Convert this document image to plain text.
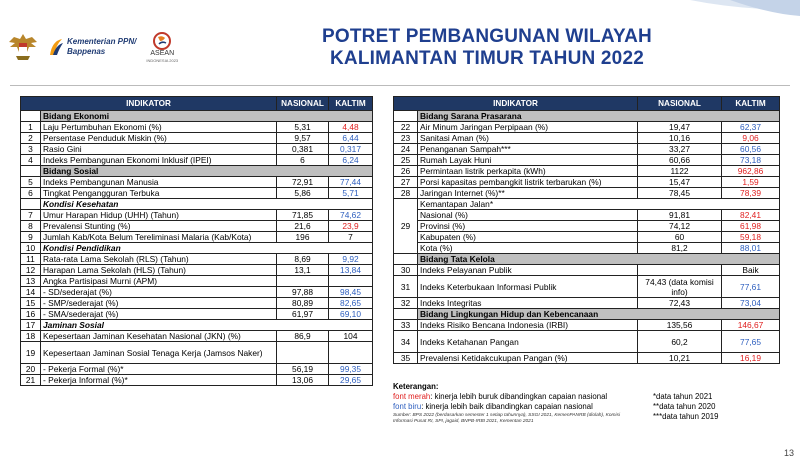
Kementerian PPN/
Bappenas	ASEAN
INDONESIA 2023
POTRET PEMBANGUNAN WILAYAH
KALIMANTAN TIMUR TAHUN 2022
INDIKATOR		NASIONAL	KALTIM
	Bidang Ekonomi		
1	Laju Pertumbuhan Ekonomi (%)	5,31	4,48
2	Persentase Penduduk Miskin (%)	9,57	6,44
3	Rasio Gini	0,381	0,317
4	Indeks Pembangunan Ekonomi Inklusif (IPEI)	6	6,24
	Bidang Sosial		
5	Indeks Pembangunan Manusia	72,91	77,44
6	Tingkat Pengangguran Terbuka	5,86	5,71
	Kondisi Kesehatan		
7	Umur Harapan Hidup (UHH) (Tahun)	71,85	74,62
8	Prevalensi Stunting (%)	21,6	23,9
9	Jumlah Kab/Kota Belum Tereliminasi Malaria (Kab/Kota)	196	7
10	Kondisi Pendidikan		
11	Rata-rata Lama Sekolah (RLS) (Tahun)	8,69	9,92
12	Harapan Lama Sekolah (HLS) (Tahun)	13,1	13,84
13	Angka Partisipasi Murni (APM)		
14	- SD/sederajat (%)	97,88	98,45
15	- SMP/sederajat (%)	80,89	82,65
16	- SMA/sederajat (%)	61,97	69,10
17	Jaminan Sosial		
18	Kepesertaan Jaminan Kesehatan Nasional (JKN) (%)	86,9	104
19	Kepesertaan Jaminan Sosial Tenaga Kerja (Jamsos Naker)		
20	- Pekerja Formal (%)*	56,19	99,35
21	- Pekerja Informal (%)*	13,06	29,65
INDIKATOR		NASIONAL	KALTIM
	Bidang Sarana Prasarana		
22	Air Minum Jaringan Perpipaan (%)	19,47	62,37
23	Sanitasi Aman (%)	10,16	9,06
24	Penanganan Sampah***	33,27	60,56
25	Rumah Layak Huni	60,66	73,18
26	Permintaan listrik perkapita (kWh)	1122	962,86
27	Porsi kapasitas pembangkit listrik terbarukan (%)	15,47	1,59
28	Jaringan Internet (%)**	78,45	78,39
29	Kemantapan Jalan*		
	Nasional (%)	91,81	82,41
	Provinsi (%)	74,12	61,98
	Kabupaten (%)	60	59,18
	Kota (%)	81,2	88,01
	Bidang Tata Kelola		
30	Indeks Pelayanan Publik		Baik
31	Indeks Keterbukaan Informasi Publik	74,43 (data komisi info)	77,61
32	Indeks Integritas	72,43	73,04
	Bidang Lingkungan Hidup dan Kebencanaan		
33	Indeks Risiko Bencana Indonesia (IRBI)	135,56	146,67
34	Indeks Ketahanan Pangan	60,2	77,65
35	Prevalensi Ketidakcukupan Pangan (%)	10,21	16,19
Keterangan:
font merah: kinerja lebih buruk dibandingkan capaian nasional
font biru: kinerja lebih baik dibandingkan capaian nasional
Sumber: BPS 2022 (berdasarkan semester 1 setiap tahunnya), SSGI 2021, KemenPANRB (diolah), Komisi Informasi Pusat RI, SPI, jagaid, BNPB-IRBI 2021, Kementan 2021
*data tahun 2021
**data tahun 2020
***data tahun 2019
13
